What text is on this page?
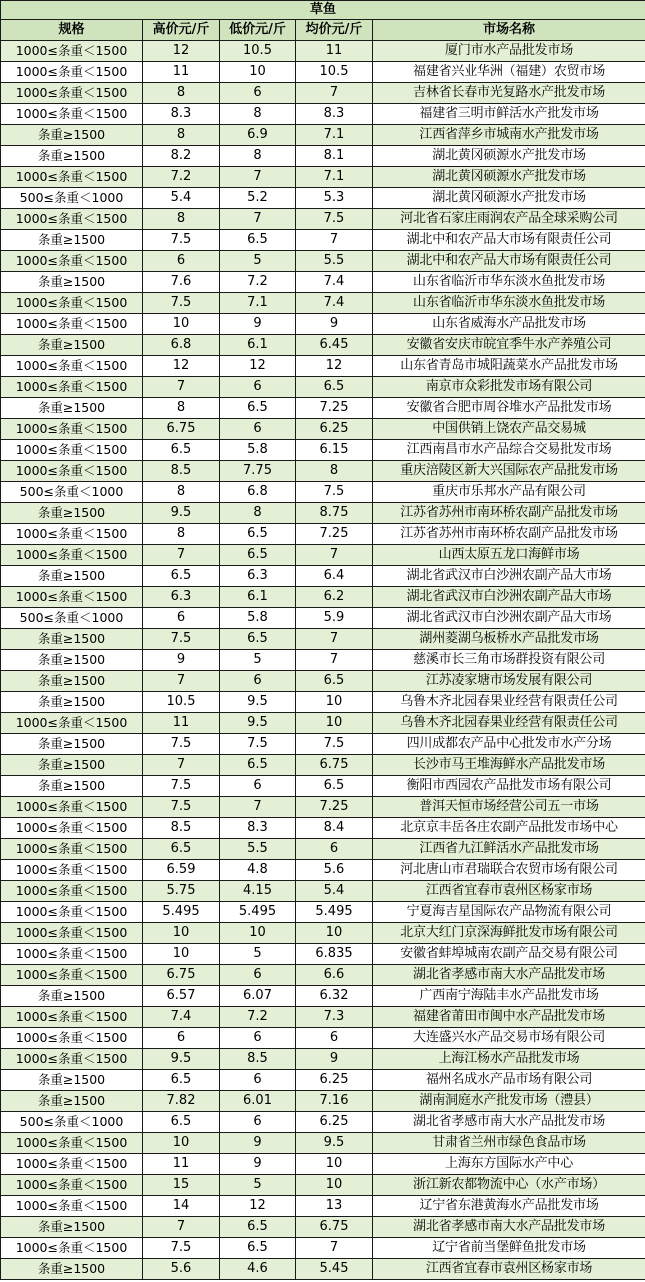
草鱼				
规格	高价元/斤	低价元/斤	均价元/斤	市场名称
1000≤条重＜1500	12	10.5	11	厦门市水产品批发市场
1000≤条重＜1500	11	10	10.5	福建省兴业华洲（福建）农贸市场
1000≤条重＜1500	8	6	7	吉林省长春市光复路水产批发市场
1000≤条重＜1500	8.3	8	8.3	福建省三明市鲜活水产批发市场
条重≥1500	8	6.9	7.1	江西省萍乡市城南水产批发市场
条重≥1500	8.2	8	8.1	湖北黄冈硕源水产批发市场
1000≤条重＜1500	7.2	7	7.1	湖北黄冈硕源水产批发市场
500≤条重＜1000	5.4	5.2	5.3	湖北黄冈硕源水产批发市场
1000≤条重＜1500	8	7	7.5	河北省石家庄雨润农产品全球采购公司
条重≥1500	7.5	6.5	7	湖北中和农产品大市场有限责任公司
1000≤条重＜1500	6	5	5.5	湖北中和农产品大市场有限责任公司
条重≥1500	7.6	7.2	7.4	山东省临沂市华东淡水鱼批发市场
1000≤条重＜1500	7.5	7.1	7.4	山东省临沂市华东淡水鱼批发市场
1000≤条重＜1500	10	9	9	山东省威海水产品批发市场
条重≥1500	6.8	6.1	6.45	安徽省安庆市皖宜季牛水产养殖公司
1000≤条重＜1500	12	12	12	山东省青岛市城阳蔬菜水产品批发市场
1000≤条重＜1500	7	6	6.5	南京市众彩批发市场有限公司
条重≥1500	8	6.5	7.25	安徽省合肥市周谷堆水产品批发市场
1000≤条重＜1500	6.75	6	6.25	中国供销上饶农产品交易城
1000≤条重＜1500	6.5	5.8	6.15	江西南昌市水产品综合交易批发市场
1000≤条重＜1500	8.5	7.75	8	重庆涪陵区新大兴国际农产品批发市场
500≤条重＜1000	8	6.8	7.5	重庆市乐邦水产品有限公司
条重≥1500	9.5	8	8.75	江苏省苏州市南环桥农副产品批发市场
1000≤条重＜1500	8	6.5	7.25	江苏省苏州市南环桥农副产品批发市场
1000≤条重＜1500	7	6.5	7	山西太原五龙口海鲜市场
条重≥1500	6.5	6.3	6.4	湖北省武汉市白沙洲农副产品大市场
1000≤条重＜1500	6.3	6.1	6.2	湖北省武汉市白沙洲农副产品大市场
500≤条重＜1000	6	5.8	5.9	湖北省武汉市白沙洲农副产品大市场
条重≥1500	7.5	6.5	7	湖州菱湖乌板桥水产品批发市场
条重≥1500	9	5	7	慈溪市长三角市场群投资有限公司
条重≥1500	7	6	6.5	江苏凌家塘市场发展有限公司
条重≥1500	10.5	9.5	10	乌鲁木齐北园春果业经营有限责任公司
1000≤条重＜1500	11	9.5	10	乌鲁木齐北园春果业经营有限责任公司
条重≥1500	7.5	7.5	7.5	四川成都农产品中心批发市水产分场
条重≥1500	7	6.5	6.75	长沙市马王堆海鲜水产品批发市场
条重≥1500	7.5	6	6.5	衡阳市西园农产品批发市场有限公司
1000≤条重＜1500	7.5	7	7.25	普洱天恒市场经营公司五一市场
1000≤条重＜1500	8.5	8.3	8.4	北京京丰岳各庄农副产品批发市场中心
1000≤条重＜1500	6.5	5.5	6	江西省九江鲜活水产品批发市场
1000≤条重＜1500	6.59	4.8	5.6	河北唐山市君瑞联合农贸市场有限公司
1000≤条重＜1500	5.75	4.15	5.4	江西省宜春市袁州区杨家市场
1000≤条重＜1500	5.495	5.495	5.495	宁夏海吉星国际农产品物流有限公司
1000≤条重＜1500	10	10	10	北京大红门京深海鲜批发市场有限公司
1000≤条重＜1500	10	5	6.835	安徽省蚌埠城南农副产品交易有限公司
1000≤条重＜1500	6.75	6	6.6	湖北省孝感市南大水产品批发市场
条重≥1500	6.57	6.07	6.32	广西南宁海陆丰水产品批发市场
1000≤条重＜1500	7.4	7.2	7.3	福建省莆田市闽中水产品批发市场
1000≤条重＜1500	6	6	6	大连盛兴水产品交易市场有限公司
1000≤条重＜1500	9.5	8.5	9	上海江杨水产品批发市场
条重≥1500	6.5	6	6.25	福州名成水产品市场有限公司
条重≥1500	7.82	6.01	7.16	湖南洞庭水产批发市场（澧县）
500≤条重＜1000	6.5	6	6.25	湖北省孝感市南大水产品批发市场
1000≤条重＜1500	10	9	9.5	甘肃省兰州市绿色食品市场
1000≤条重＜1500	11	9	10	上海东方国际水产中心
1000≤条重＜1500	15	5	10	浙江新农都物流中心（水产市场）
1000≤条重＜1500	14	12	13	辽宁省东港黄海水产品批发市场
条重≥1500	7	6.5	6.75	湖北省孝感市南大水产品批发市场
1000≤条重＜1500	7.5	6.5	7	辽宁省前当堡鲜鱼批发市场
条重≥1500	5.6	4.6	5.45	江西省宜春市袁州区杨家市场
